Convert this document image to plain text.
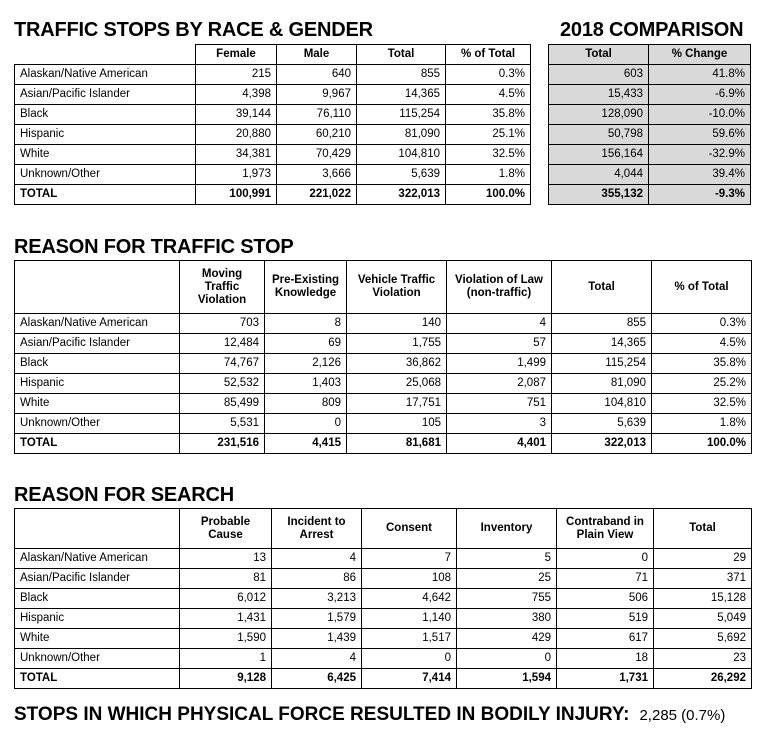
TRAFFIC STOPS BY RACE & GENDER
	Female	Male	Total	% of Total
Alaskan/Native American	215	640	855	0.3%
Asian/Pacific Islander	4,398	9,967	14,365	4.5%
Black	39,144	76,110	115,254	35.8%
Hispanic	20,880	60,210	81,090	25.1%
White	34,381	70,429	104,810	32.5%
Unknown/Other	1,973	3,666	5,639	1.8%
TOTAL	100,991	221,022	322,013	100.0%
2018 COMPARISON
Total	% Change
603	41.8%
15,433	-6.9%
128,090	-10.0%
50,798	59.6%
156,164	-32.9%
4,044	39.4%
355,132	-9.3%
REASON FOR TRAFFIC STOP
	Moving Traffic Violation	Pre-Existing Knowledge	Vehicle Traffic Violation	Violation of Law (non-traffic)	Total	% of Total
Alaskan/Native American	703	8	140	4	855	0.3%
Asian/Pacific Islander	12,484	69	1,755	57	14,365	4.5%
Black	74,767	2,126	36,862	1,499	115,254	35.8%
Hispanic	52,532	1,403	25,068	2,087	81,090	25.2%
White	85,499	809	17,751	751	104,810	32.5%
Unknown/Other	5,531	0	105	3	5,639	1.8%
TOTAL	231,516	4,415	81,681	4,401	322,013	100.0%
REASON FOR SEARCH
	Probable Cause	Incident to Arrest	Consent	Inventory	Contraband in Plain View	Total
Alaskan/Native American	13	4	7	5	0	29
Asian/Pacific Islander	81	86	108	25	71	371
Black	6,012	3,213	4,642	755	506	15,128
Hispanic	1,431	1,579	1,140	380	519	5,049
White	1,590	1,439	1,517	429	617	5,692
Unknown/Other	1	4	0	0	18	23
TOTAL	9,128	6,425	7,414	1,594	1,731	26,292
STOPS IN WHICH PHYSICAL FORCE RESULTED IN BODILY INJURY: 2,285 (0.7%)
